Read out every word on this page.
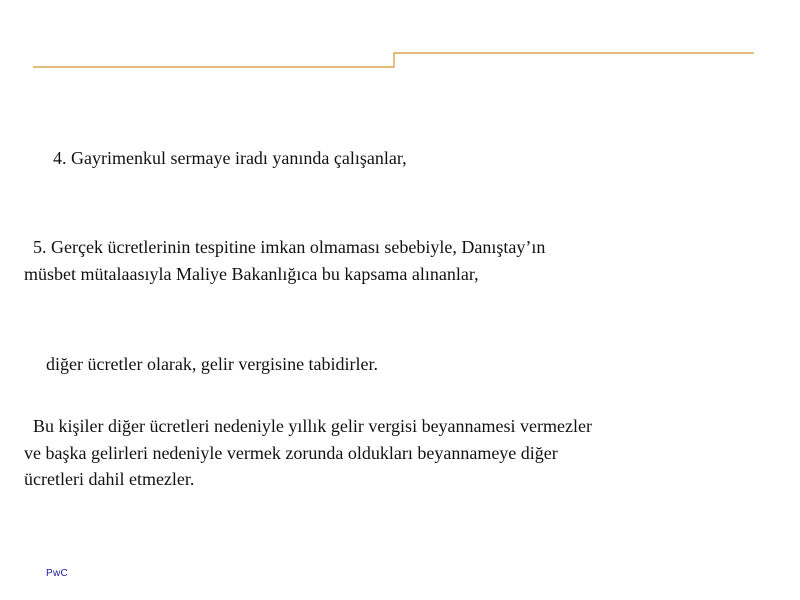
4. Gayrimenkul sermaye iradı yanında çalışanlar,

5. Gerçek ücretlerinin tespitine imkan olmaması sebebiyle, Danıştay’ın
müsbet mütalaasıyla Maliye Bakanlığıca bu kapsama alınanlar,

diğer ücretler olarak, gelir vergisine tabidirler.

Bu kişiler diğer ücretleri nedeniyle yıllık gelir vergisi beyannamesi vermezler
ve başka gelirleri nedeniyle vermek zorunda oldukları beyannameye diğer
ücretleri dahil etmezler.

PwC
